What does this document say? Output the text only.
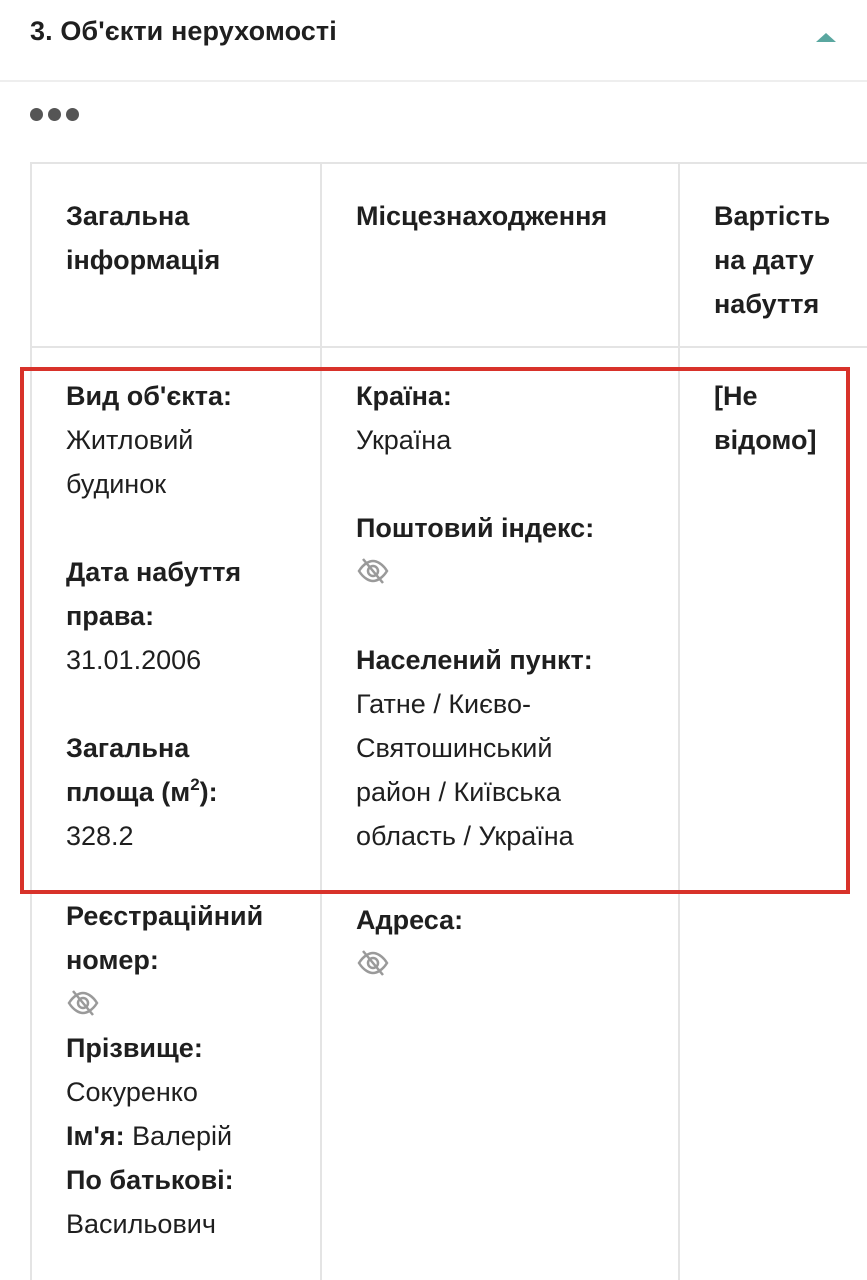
3. Об'єкти нерухомості
Загальна інформація
Місцезнаходження	Вартість на дату набуття
Вид об'єкта:
Житловий будинок
Дата набуття права:
31.01.2006
Загальна площа $(м^2)$:
328.2
Реєстраційний номер:
Прізвище:
Сокуренко
Ім'я: Валерій
По батькові:
Васильович
Країна:
Україна
Поштовий індекс:
Населений пункт:
Гатне / Києво-Святошинський район / Київська область / Україна
Адреса:
[Не відомо]
